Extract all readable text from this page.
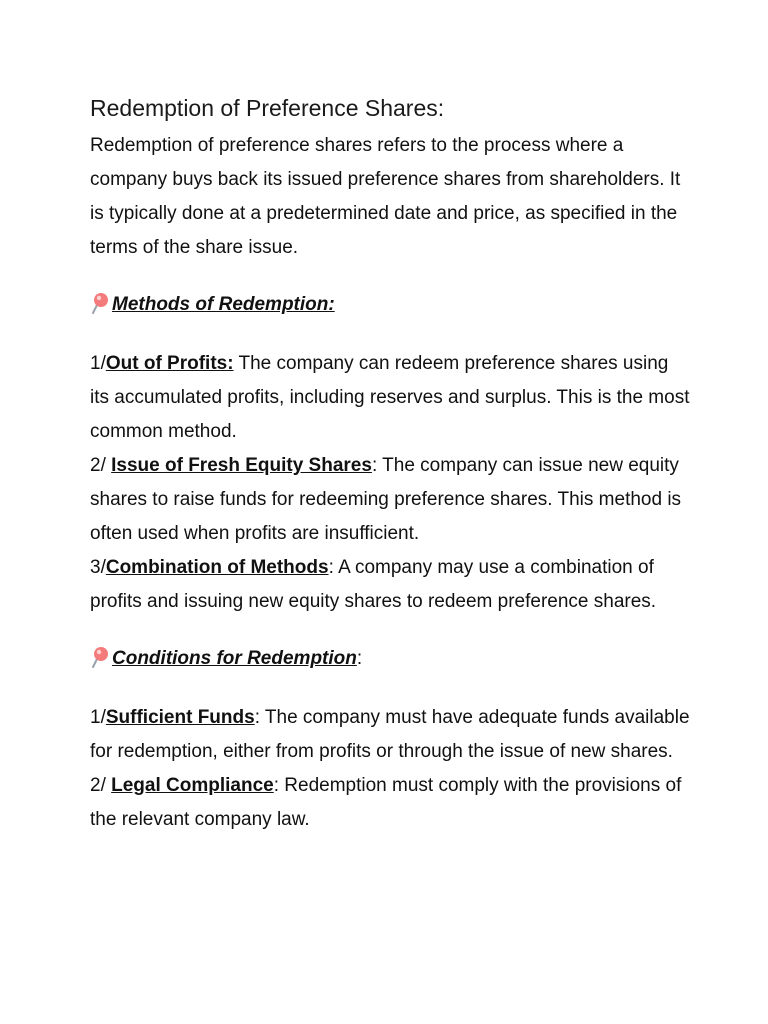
Redemption of Preference Shares:

Redemption of preference shares refers to the process where a company buys back its issued preference shares from shareholders. It is typically done at a predetermined date and price, as specified in the terms of the share issue.

Methods of Redemption:

1/Out of Profits: The company can redeem preference shares using its accumulated profits, including reserves and surplus. This is the most common method.

2/ Issue of Fresh Equity Shares: The company can issue new equity shares to raise funds for redeeming preference shares. This method is often used when profits are insufficient.

3/Combination of Methods: A company may use a combination of profits and issuing new equity shares to redeem preference shares.

Conditions for Redemption:

1/Sufficient Funds: The company must have adequate funds available for redemption, either from profits or through the issue of new shares.

2/ Legal Compliance: Redemption must comply with the provisions of the relevant company law.
